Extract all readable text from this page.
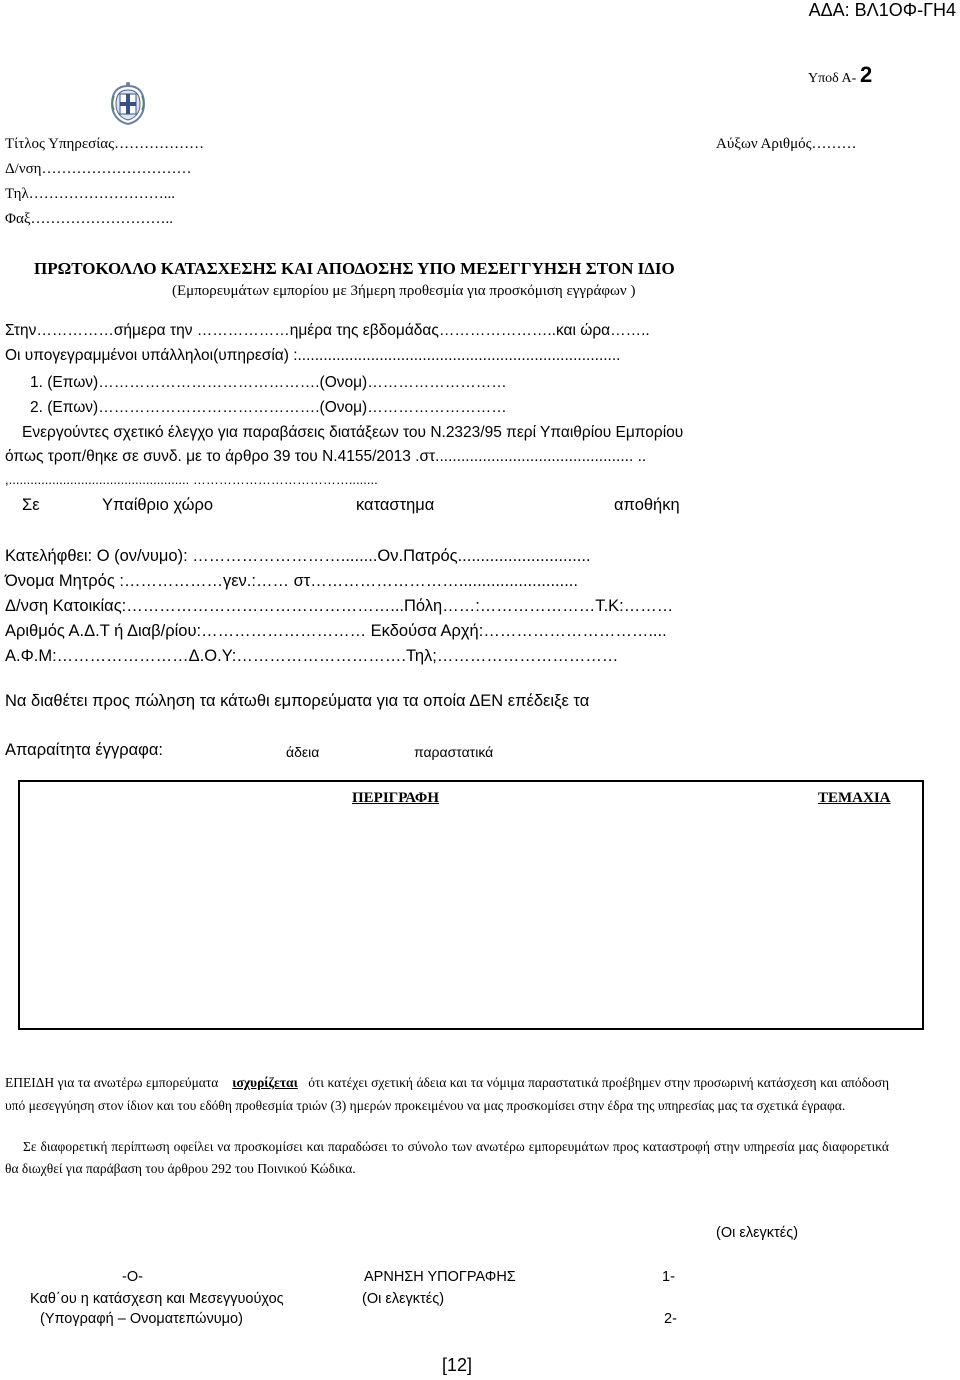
ΑΔΑ: ΒΛ1ΟΦ-ΓΗ4
Υποδ Α- 2
Τίτλος Υπηρεσίας………………	Αύξων Αριθμός………
Δ/νση…………………………
Τηλ………………………...
Φαξ………………………..
ΠΡΩΤΟΚΟΛΛΟ ΚΑΤΑΣΧΕΣΗΣ ΚΑΙ ΑΠΟΔΟΣΗΣ ΥΠΟ ΜΕΣΕΓΓΥΗΣΗ ΣΤΟΝ ΙΔΙΟ
(Εμπορευμάτων εμπορίου με 3ήμερη προθεσμία για προσκόμιση εγγράφων )
Στην……………σήμερα την ………………ημέρα της εβδομάδας…………………..και ώρα……..
Οι υπογεγραμμένοι υπάλληλοι(υπηρεσία) :...........................................................................
1. (Επων)…………………………………….(Ονομ)………………………
2. (Επων)…………………………………….(Ονομ)………………………
Ενεργούντες σχετικό έλεγχο για παραβάσεις διατάξεων του Ν.2323/95 περί Υπαιθρίου Εμπορίου
όπως τροπ/θηκε σε συνδ. με το άρθρο 39 του Ν.4155/2013 .στ.............................................. ..
,.................................................. ………………………………........
Σε	Υπαίθριο χώρο	καταστημα	αποθήκη
Κατελήφθει: Ο (ον/νυμο): ………………………........Ον.Πατρός.............................
Όνομα Μητρός :………………γεν.:…… στ………………………..........................
Δ/νση Κατοικίας:…………………………………………...Πόλη……:…………………Τ.Κ:………
Αριθμός Α.Δ.Τ ή Διαβ/ρίου:………………………… Εκδούσα Αρχή:…………………………....
Α.Φ.Μ:……………………Δ.Ο.Υ:………………………….Τηλ;……………………………
Να διαθέτει προς πώληση τα κάτωθι εμπορεύματα για τα οποία ΔΕΝ επέδειξε τα
Απαραίτητα έγγραφα:	άδεια	παραστατικά
ΠΕΡΙΓΡΑΦΗ	ΤΕΜΑΧΙΑ
ΕΠΕΙΔΗ για τα ανωτέρω εμπορεύματα ισχυρίζεται ότι κατέχει σχετική άδεια και τα νόμιμα παραστατικά προέβημεν στην προσωρινή κατάσχεση και απόδοση υπό μεσεγγύηση στον ίδιον και του εδόθη προθεσμία τριών (3) ημερών προκειμένου να μας προσκομίσει στην έδρα της υπηρεσίας μας τα σχετικά έγραφα.
Σε διαφορετική περίπτωση οφείλει να προσκομίσει και παραδώσει το σύνολο των ανωτέρω εμπορευμάτων προς καταστροφή στην υπηρεσία μας διαφορετικά θα διωχθεί για παράβαση του άρθρου 292 του Ποινικού Κώδικα.
(Οι ελεγκτές)
-Ο-
Καθ΄ου η κατάσχεση και Μεσεγγυούχος
(Υπογραφή – Ονοματεπώνυμο)
ΑΡΝΗΣΗ ΥΠΟΓΡΑΦΗΣ
(Οι ελεγκτές)
1-
2-
[12]
